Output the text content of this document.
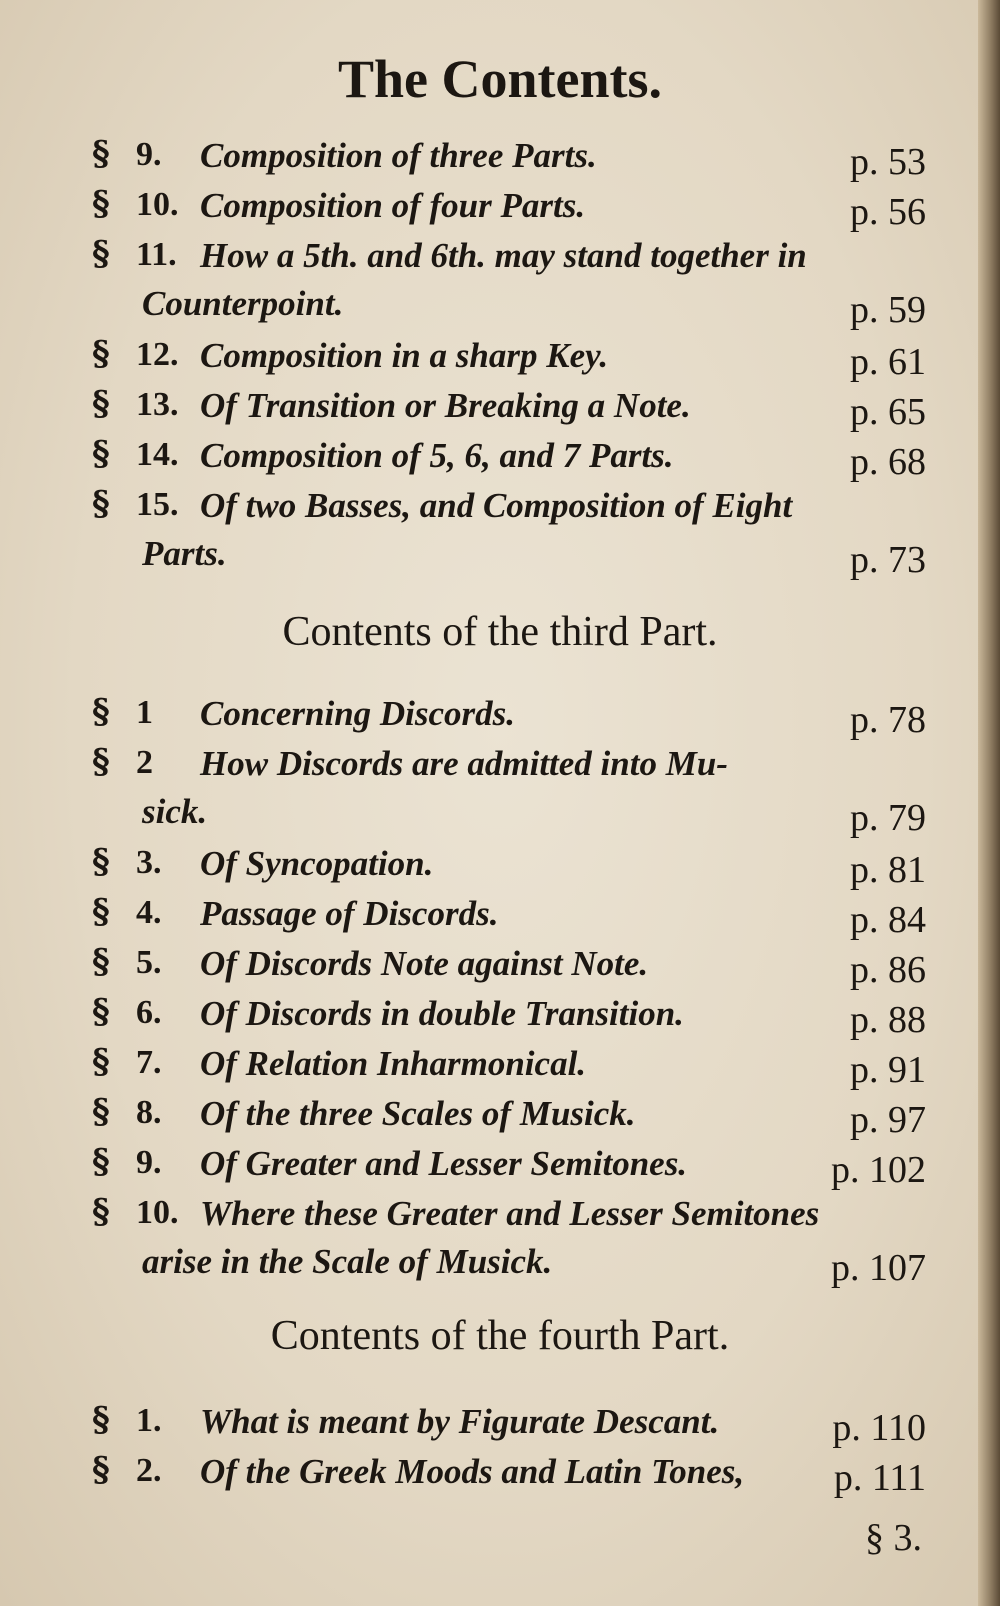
The Contents.
§ 9. Composition of three Parts.	p. 53
§ 10. Composition of four Parts.	p. 56
§ 11. How a 5th. and 6th. may stand together in
Counterpoint.	p. 59
§ 12. Composition in a sharp Key.	p. 61
§ 13. Of Transition or Breaking a Note.	p. 65
§ 14. Composition of 5, 6, and 7 Parts.	p. 68
§ 15. Of two Basses, and Composition of Eight
Parts.	p. 73
Contents of the third Part.
§ 1 Concerning Discords.	p. 78
§ 2 How Discords are admitted into Mu-
sick.	p. 79
§ 3. Of Syncopation.	p. 81
§ 4. Passage of Discords.	p. 84
§ 5. Of Discords Note against Note.	p. 86
§ 6. Of Discords in double Transition.	p. 88
§ 7. Of Relation Inharmonical.	p. 91
§ 8. Of the three Scales of Musick.	p. 97
§ 9. Of Greater and Lesser Semitones.	p. 102
§ 10. Where these Greater and Lesser Semitones
arise in the Scale of Musick.	p. 107
Contents of the fourth Part.
§ 1. What is meant by Figurate Descant.	p. 110
§ 2. Of the Greek Moods and Latin Tones, p. 111
§ 3.
